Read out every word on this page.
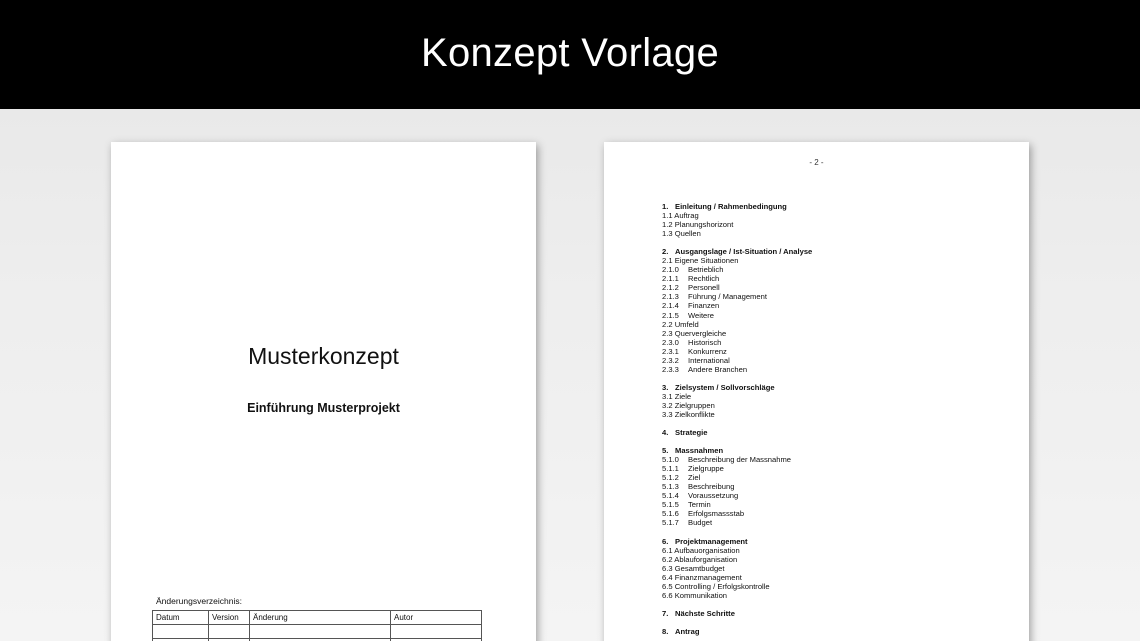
Konzept Vorlage
Musterkonzept
Einführung Musterprojekt
Änderungsverzeichnis:
Datum	Version	Änderung	Autor

- 2 -
1. Einleitung / Rahmenbedingung
1.1 Auftrag
1.2 Planungshorizont
1.3 Quellen
2. Ausgangslage / Ist-Situation / Analyse
2.1 Eigene Situationen
2.1.0 Betrieblich
2.1.1 Rechtlich
2.1.2 Personell
2.1.3 Führung / Management
2.1.4 Finanzen
2.1.5 Weitere
2.2 Umfeld
2.3 Quervergleiche
2.3.0 Historisch
2.3.1 Konkurrenz
2.3.2 International
2.3.3 Andere Branchen
3. Zielsystem / Sollvorschläge
3.1 Ziele
3.2 Zielgruppen
3.3 Zielkonflikte
4. Strategie
5. Massnahmen
5.1.0 Beschreibung der Massnahme
5.1.1 Zielgruppe
5.1.2 Ziel
5.1.3 Beschreibung
5.1.4 Voraussetzung
5.1.5 Termin
5.1.6 Erfolgsmassstab
5.1.7 Budget
6. Projektmanagement
6.1 Aufbauorganisation
6.2 Ablauforganisation
6.3 Gesamtbudget
6.4 Finanzmanagement
6.5 Controlling / Erfolgskontrolle
6.6 Kommunikation
7. Nächste Schritte
8. Antrag
